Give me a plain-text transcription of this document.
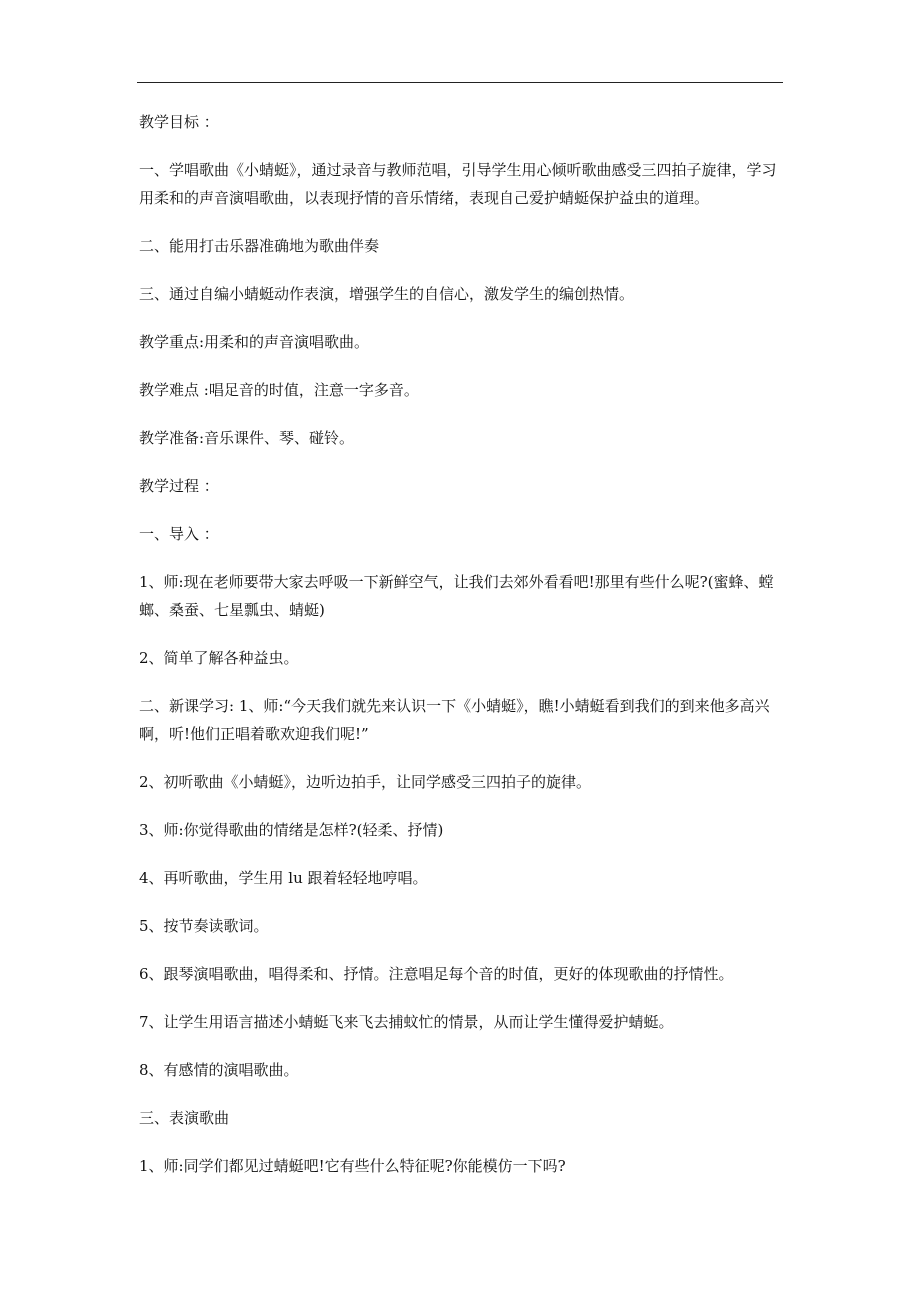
教学目标 ：

一、学唱歌曲《小蜻蜓》，通过录音与教师范唱，引导学生用心倾听歌曲感受三四拍子旋律，学习用柔和的声音演唱歌曲，以表现抒情的音乐情绪，表现自己爱护蜻蜓保护益虫的道理。

二、能用打击乐器准确地为歌曲伴奏

三、通过自编小蜻蜓动作表演，增强学生的自信心，激发学生的编创热情。

教学重点:用柔和的声音演唱歌曲。

教学难点 :唱足音的时值，注意一字多音。

教学准备:音乐课件、琴、碰铃。

教学过程 ：

一、导入 ：

1、师:现在老师要带大家去呼吸一下新鲜空气，让我们去郊外看看吧!那里有些什么呢?(蜜蜂、螳螂、桑蚕、七星瓢虫、蜻蜓)

2、简单了解各种益虫。

二、新课学习: 1、师:“今天我们就先来认识一下《小蜻蜓》，瞧!小蜻蜓看到我们的到来他多高兴啊，听!他们正唱着歌欢迎我们呢!”

2、初听歌曲《小蜻蜓》，边听边拍手，让同学感受三四拍子的旋律。

3、师:你觉得歌曲的情绪是怎样?(轻柔、抒情)

4、再听歌曲，学生用 lu 跟着轻轻地哼唱。

5、按节奏读歌词。

6、跟琴演唱歌曲，唱得柔和、抒情。注意唱足每个音的时值，更好的体现歌曲的抒情性。

7、让学生用语言描述小蜻蜓飞来飞去捕蚊忙的情景，从而让学生懂得爱护蜻蜓。

8、有感情的演唱歌曲。

三、表演歌曲

1、师:同学们都见过蜻蜓吧!它有些什么特征呢?你能模仿一下吗?
